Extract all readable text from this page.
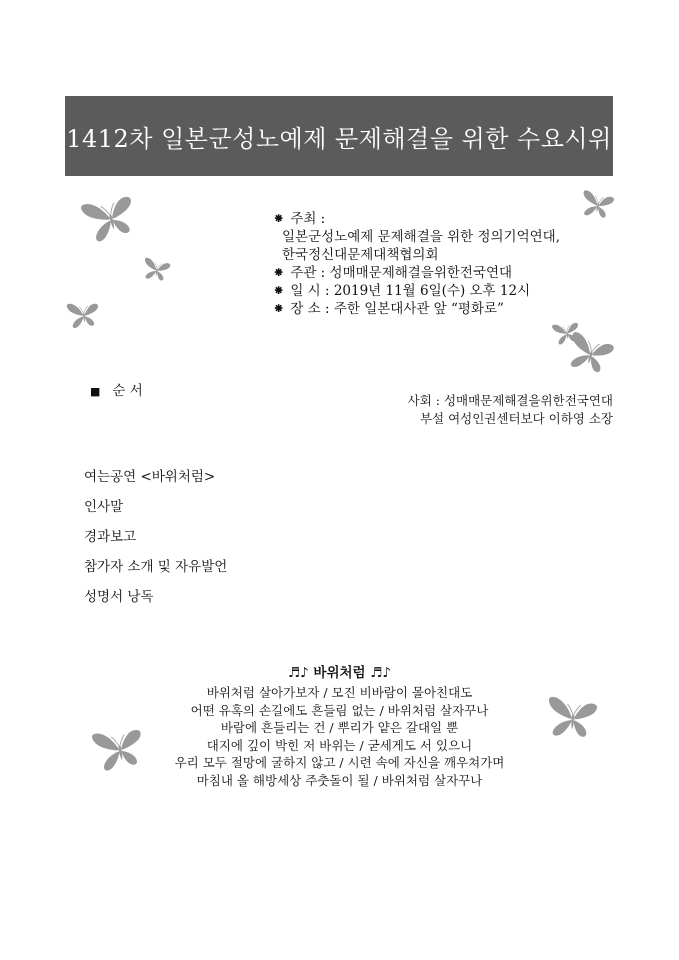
1412차 일본군성노예제 문제해결을 위한 수요시위
⁕ 주최 :
일본군성노예제 문제해결을 위한 정의기억연대,
한국정신대문제대책협의회
⁕ 주관 : 성매매문제해결을위한전국연대
⁕ 일 시 : 2019년 11월 6일(수) 오후 12시
⁕ 장 소 : 주한 일본대사관 앞 “평화로”
■ 순 서
사회 : 성매매문제해결을위한전국연대
부설 여성인권센터보다 이하영 소장
여는공연 <바위처럼>
인사말
경과보고
참가자 소개 및 자유발언
성명서 낭독
♬♪ 바위처럼 ♬♪
바위처럼 살아가보자 / 모진 비바람이 몰아친대도
어떤 유혹의 손길에도 흔들림 없는 / 바위처럼 살자꾸나
바람에 흔들리는 건 / 뿌리가 얕은 갈대일 뿐
대지에 깊이 박힌 저 바위는 / 굳세게도 서 있으니
우리 모두 절망에 굴하지 않고 / 시련 속에 자신을 깨우쳐가며
마침내 올 해방세상 주춧돌이 될 / 바위처럼 살자꾸나
